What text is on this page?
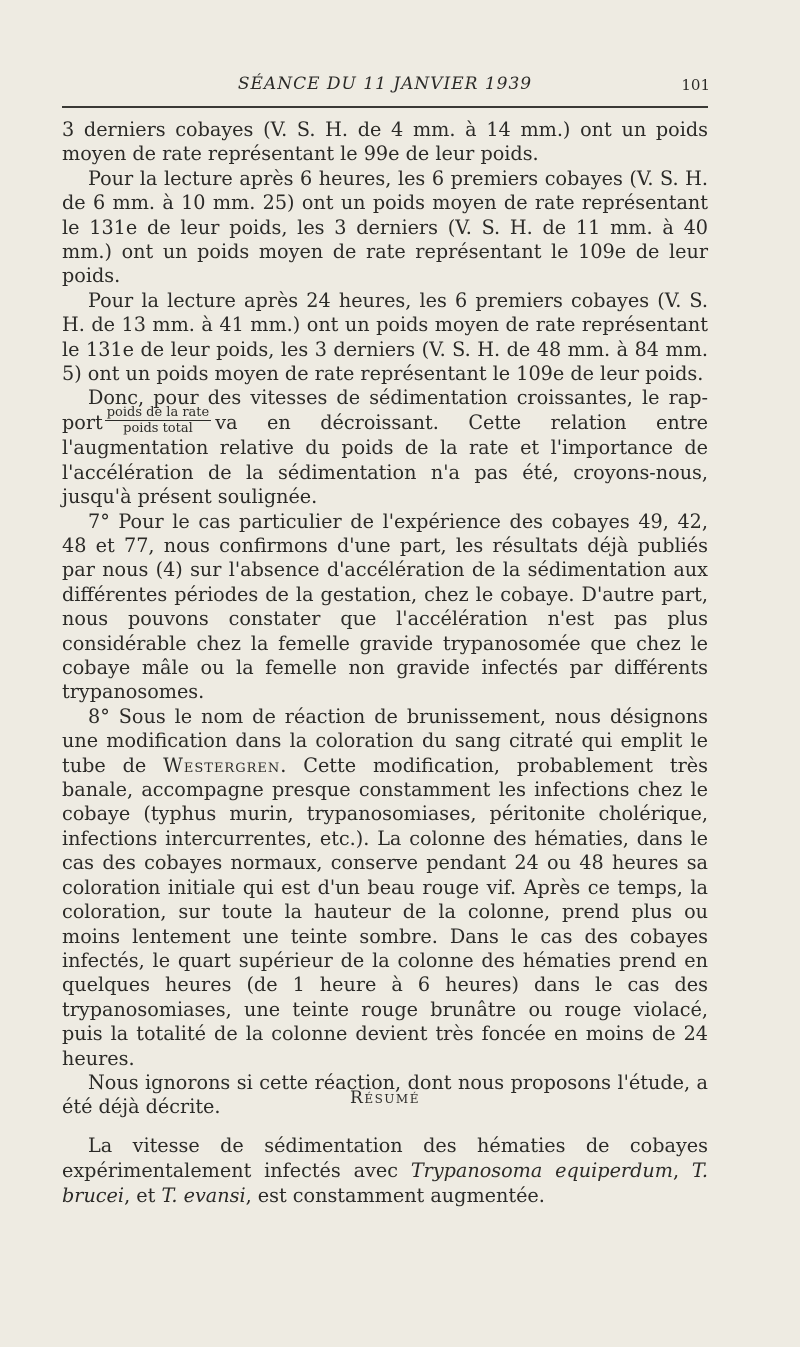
SÉANCE DU 11 JANVIER 1939	101

3 derniers cobayes (V. S. H. de 4 mm. à 14 mm.) ont un poids moyen de rate représentant le 99e de leur poids.

Pour la lecture après 6 heures, les 6 premiers cobayes (V. S. H. de 6 mm. à 10 mm. 25) ont un poids moyen de rate représentant le 131e de leur poids, les 3 derniers (V. S. H. de 11 mm. à 40 mm.) ont un poids moyen de rate représentant le 109e de leur poids.

Pour la lecture après 24 heures, les 6 premiers cobayes (V. S. H. de 13 mm. à 41 mm.) ont un poids moyen de rate représentant le 131e de leur poids, les 3 derniers (V. S. H. de 48 mm. à 84 mm. 5) ont un poids moyen de rate représentant le 109e de leur poids.

Donc, pour des vitesses de sédimentation croissantes, le rap- port $\frac{\text{poids de la rate}}{\text{poids total}}$ va en décroissant. Cette relation entre l'augmentation relative du poids de la rate et l'importance de l'accélération de la sédimentation n'a pas été, croyons-nous, jusqu'à présent soulignée.

7° Pour le cas particulier de l'expérience des cobayes 49, 42, 48 et 77, nous confirmons d'une part, les résultats déjà publiés par nous (4) sur l'absence d'accélération de la sédimentation aux différentes périodes de la gestation, chez le cobaye. D'autre part, nous pouvons constater que l'accélération n'est pas plus considérable chez la femelle gravide trypanosomée que chez le cobaye mâle ou la femelle non gravide infectés par différents trypanosomes.

8° Sous le nom de réaction de brunissement, nous désignons une modification dans la coloration du sang citraté qui emplit le tube de Westergren. Cette modification, probablement très banale, accompagne presque constamment les infections chez le cobaye (typhus murin, trypanosomiases, péritonite cholérique, infections intercurrentes, etc.). La colonne des hématies, dans le cas des cobayes normaux, conserve pendant 24 ou 48 heures sa coloration initiale qui est d'un beau rouge vif. Après ce temps, la coloration, sur toute la hauteur de la colonne, prend plus ou moins lentement une teinte sombre. Dans le cas des cobayes infectés, le quart supérieur de la colonne des hématies prend en quelques heures (de 1 heure à 6 heures) dans le cas des trypanosomiases, une teinte rouge brunâtre ou rouge violacé, puis la totalité de la colonne devient très foncée en moins de 24 heures.

Nous ignorons si cette réaction, dont nous proposons l'étude, a été déjà décrite.	Résumé
La vitesse de sédimentation des hématies de cobayes expérimentalement infectés avec Trypanosoma equiperdum, T. brucei, et T. evansi, est constamment augmentée.
